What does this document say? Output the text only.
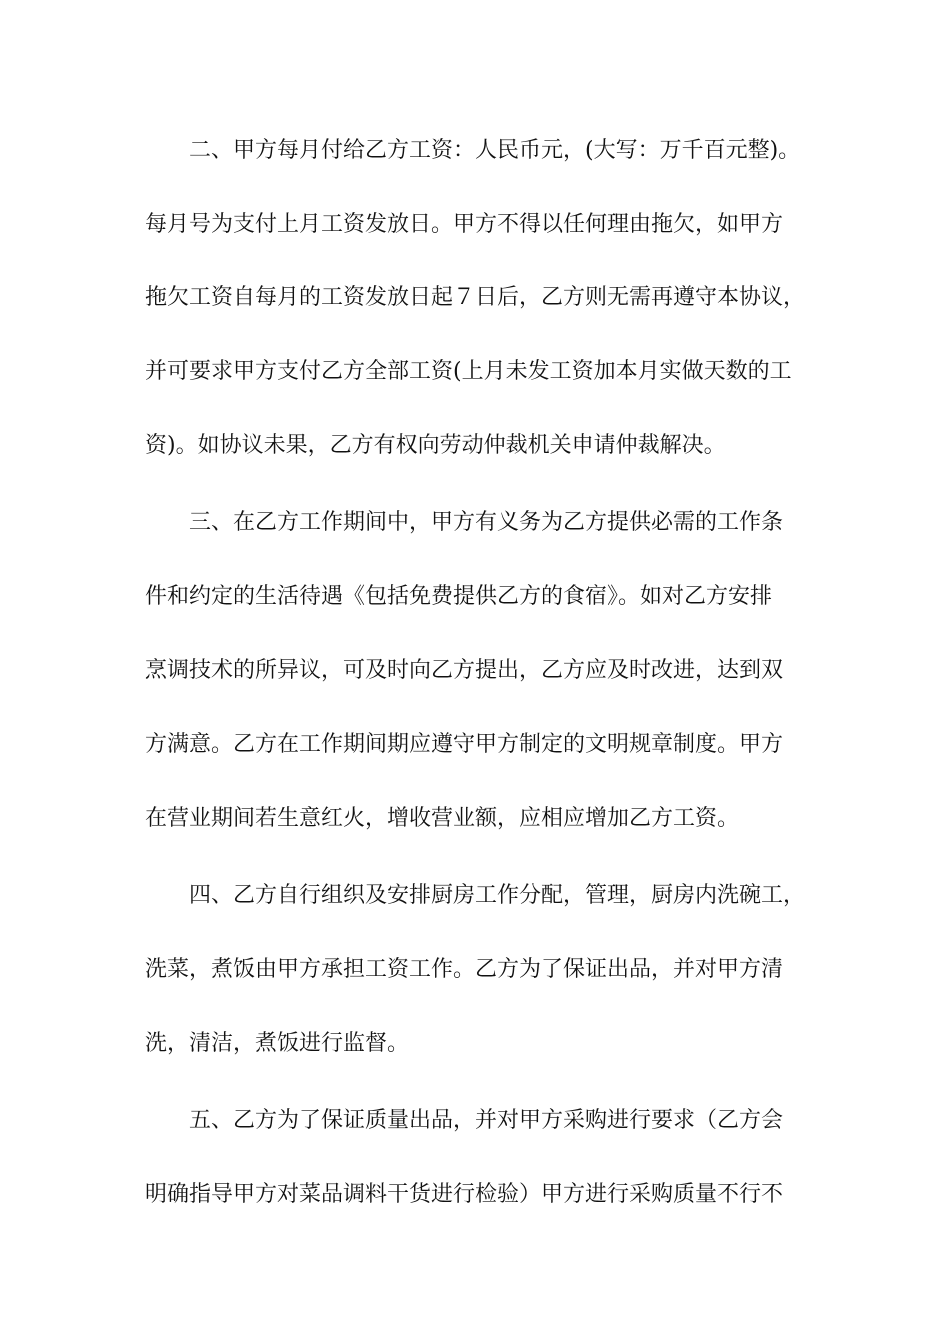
　　二、甲方每月付给乙方工资：人民币元，(大写：万千百元整)。
每月号为支付上月工资发放日。甲方不得以任何理由拖欠，如甲方
拖欠工资自每月的工资发放日起７日后，乙方则无需再遵守本协议，
并可要求甲方支付乙方全部工资(上月未发工资加本月实做天数的工
资)。如协议未果，乙方有权向劳动仲裁机关申请仲裁解决。
　　三、在乙方工作期间中，甲方有义务为乙方提供必需的工作条
件和约定的生活待遇《包括免费提供乙方的食宿》。如对乙方安排
烹调技术的所异议，可及时向乙方提出，乙方应及时改进，达到双
方满意。乙方在工作期间期应遵守甲方制定的文明规章制度。甲方
在营业期间若生意红火，增收营业额，应相应增加乙方工资。
　　四、乙方自行组织及安排厨房工作分配，管理，厨房内洗碗工，
洗菜，煮饭由甲方承担工资工作。乙方为了保证出品，并对甲方清
洗，清洁，煮饭进行监督。
　　五、乙方为了保证质量出品，并对甲方采购进行要求（乙方会
明确指导甲方对菜品调料干货进行检验）甲方进行采购质量不行不
